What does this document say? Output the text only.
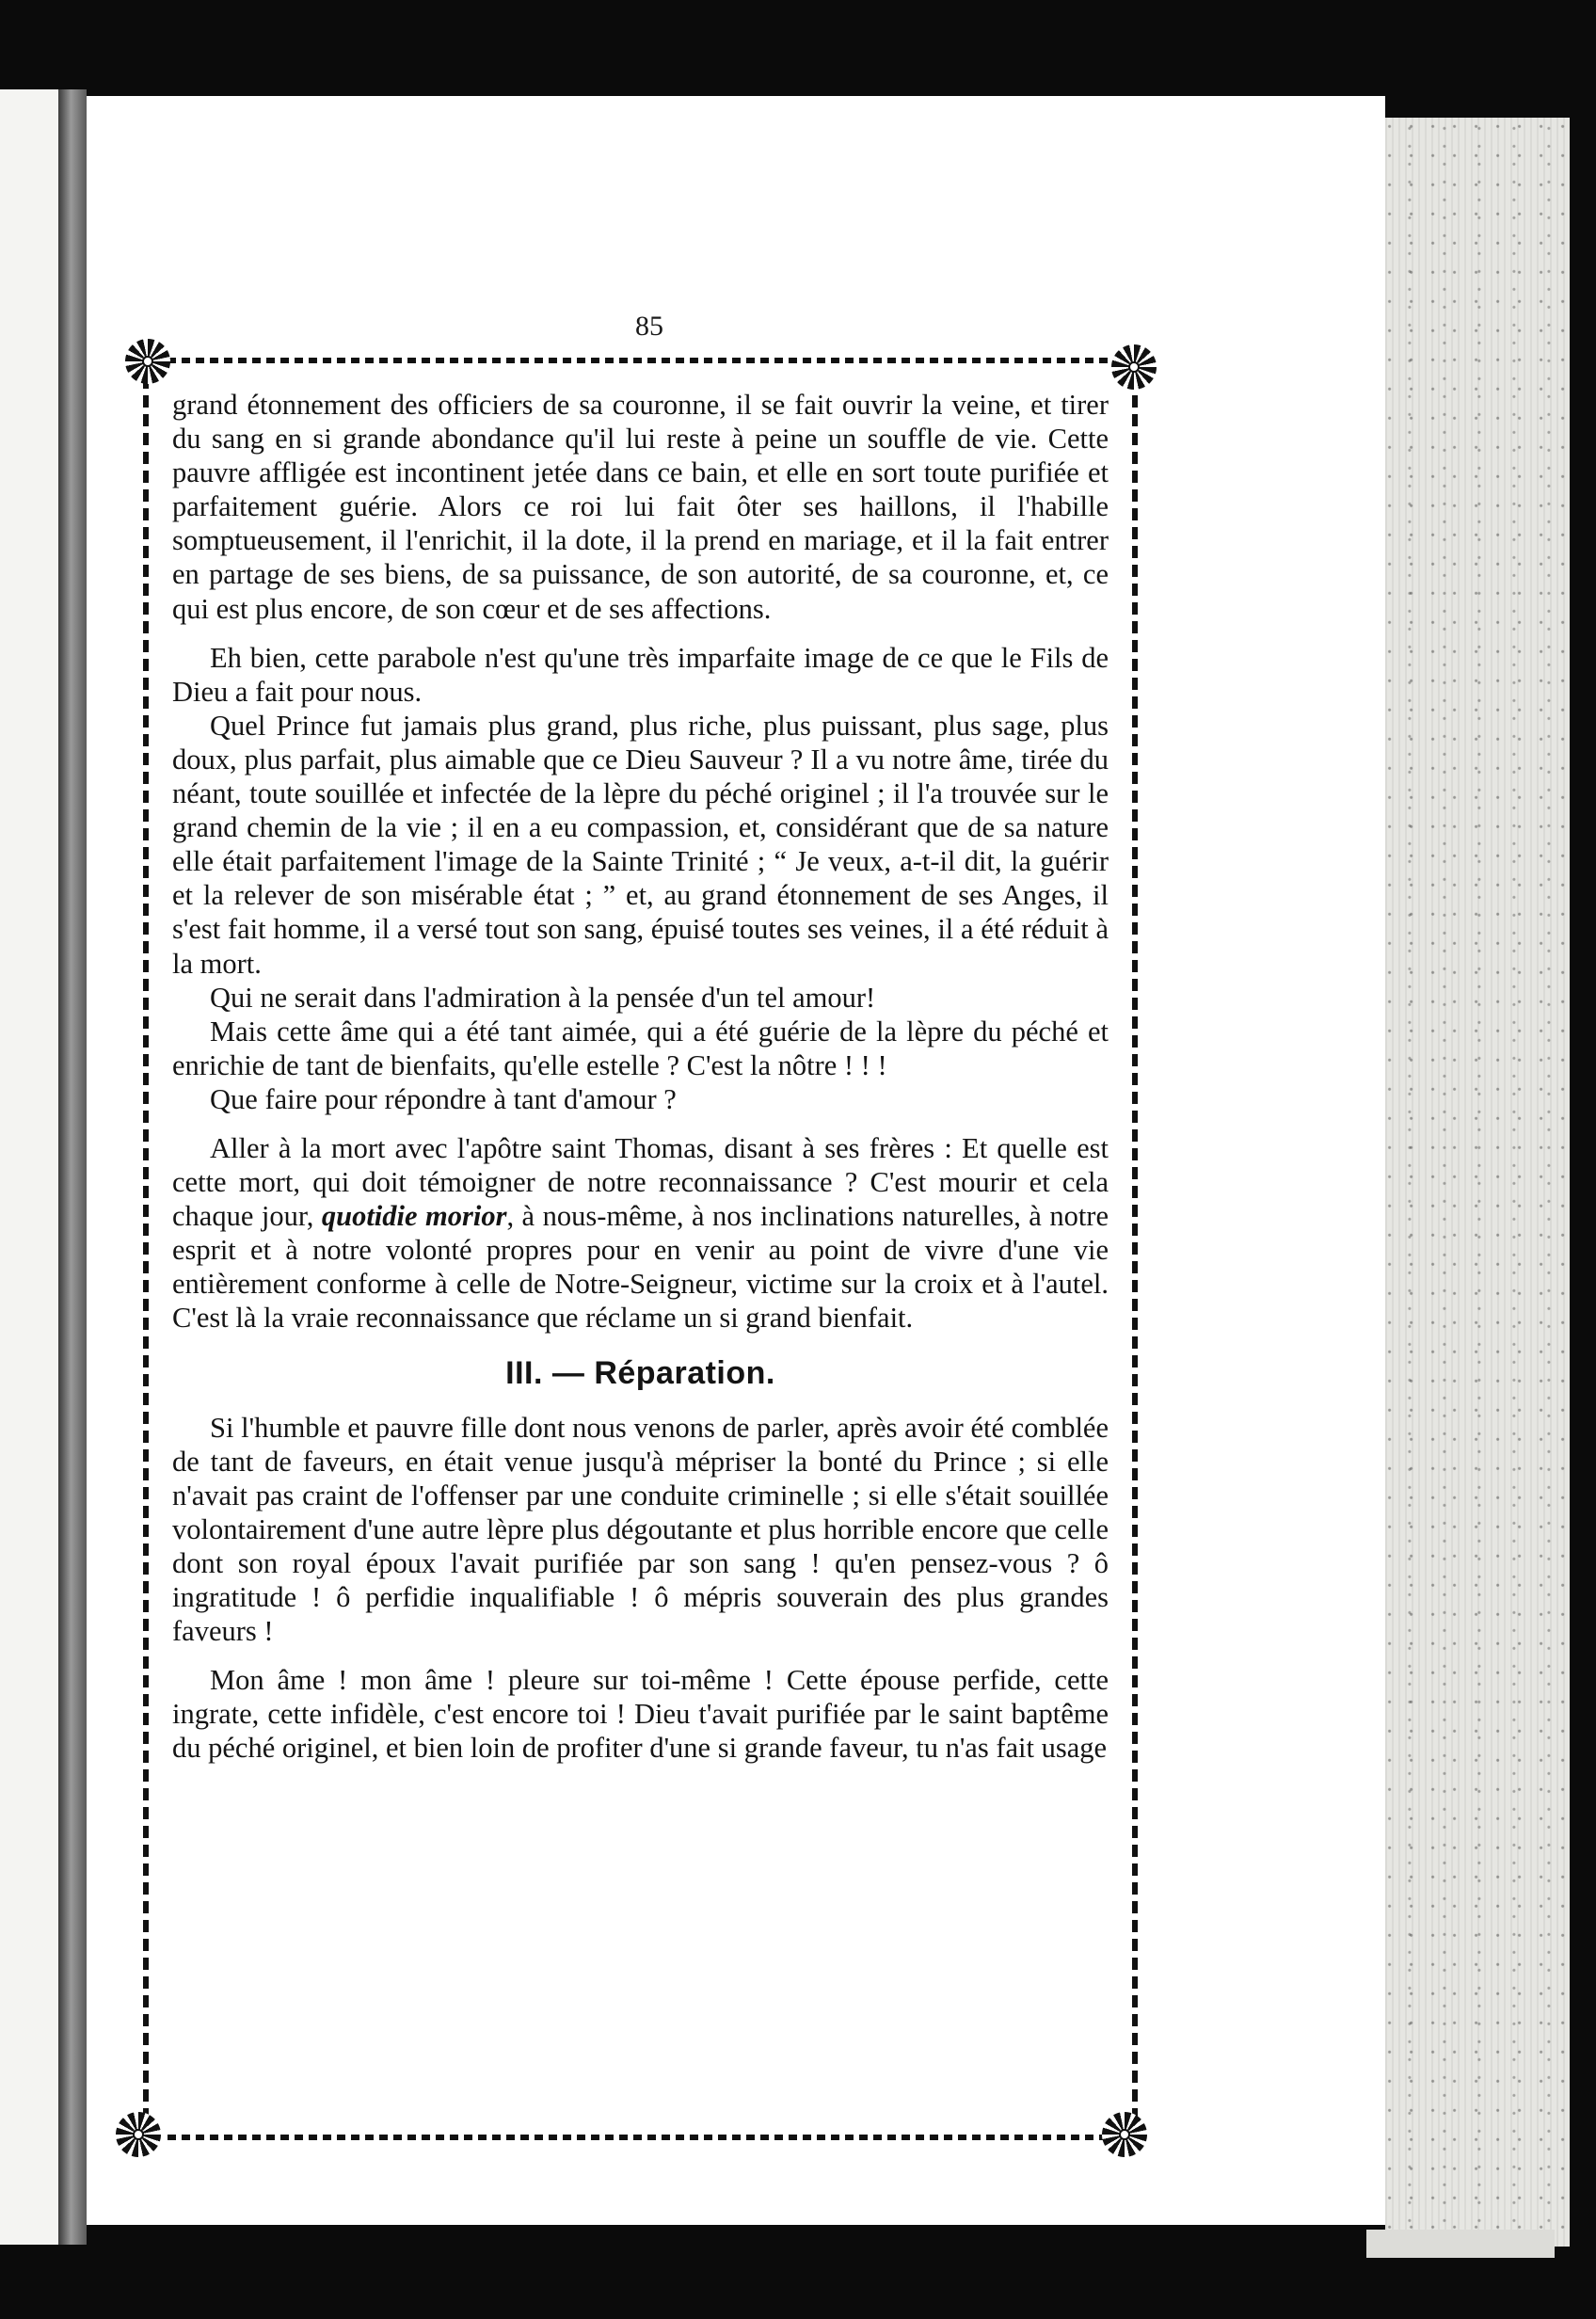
85

grand étonnement des officiers de sa couronne, il se fait ouvrir la veine, et tirer du sang en si grande abondance qu'il lui reste à peine un souffle de vie. Cette pauvre affligée est incontinent jetée dans ce bain, et elle en sort toute purifiée et parfaitement guérie. Alors ce roi lui fait ôter ses haillons, il l'habille somptueusement, il l'enrichit, il la dote, il la prend en mariage, et il la fait entrer en partage de ses biens, de sa puissance, de son autorité, de sa couronne, et, ce qui est plus encore, de son cœur et de ses affections.

Eh bien, cette parabole n'est qu'une très imparfaite image de ce que le Fils de Dieu a fait pour nous.

Quel Prince fut jamais plus grand, plus riche, plus puissant, plus sage, plus doux, plus parfait, plus aimable que ce Dieu Sauveur ? Il a vu notre âme, tirée du néant, toute souillée et infectée de la lèpre du péché originel ; il l'a trouvée sur le grand chemin de la vie ; il en a eu compassion, et, considérant que de sa nature elle était parfaitement l'image de la Sainte Trinité ; “ Je veux, a-t-il dit, la guérir et la relever de son misérable état ; ” et, au grand étonnement de ses Anges, il s'est fait homme, il a versé tout son sang, épuisé toutes ses veines, il a été réduit à la mort.

Qui ne serait dans l'admiration à la pensée d'un tel amour!

Mais cette âme qui a été tant aimée, qui a été guérie de la lèpre du péché et enrichie de tant de bienfaits, qu'elle estelle ? C'est la nôtre ! ! !

Que faire pour répondre à tant d'amour ?

Aller à la mort avec l'apôtre saint Thomas, disant à ses frères : Et quelle est cette mort, qui doit témoigner de notre reconnaissance ? C'est mourir et cela chaque jour, quotidie morior, à nous-même, à nos inclinations naturelles, à notre esprit et à notre volonté propres pour en venir au point de vivre d'une vie entièrement conforme à celle de Notre-Seigneur, victime sur la croix et à l'autel. C'est là la vraie reconnaissance que réclame un si grand bienfait.

III. — Réparation.

Si l'humble et pauvre fille dont nous venons de parler, après avoir été comblée de tant de faveurs, en était venue jusqu'à mépriser la bonté du Prince ; si elle n'avait pas craint de l'offenser par une conduite criminelle ; si elle s'était souillée volontairement d'une autre lèpre plus dégoutante et plus horrible encore que celle dont son royal époux l'avait purifiée par son sang ! qu'en pensez-vous ? ô ingratitude ! ô perfidie inqualifiable ! ô mépris souverain des plus grandes faveurs !

Mon âme ! mon âme ! pleure sur toi-même ! Cette épouse perfide, cette ingrate, cette infidèle, c'est encore toi ! Dieu t'avait purifiée par le saint baptême du péché originel, et bien loin de profiter d'une si grande faveur, tu n'as fait usage
